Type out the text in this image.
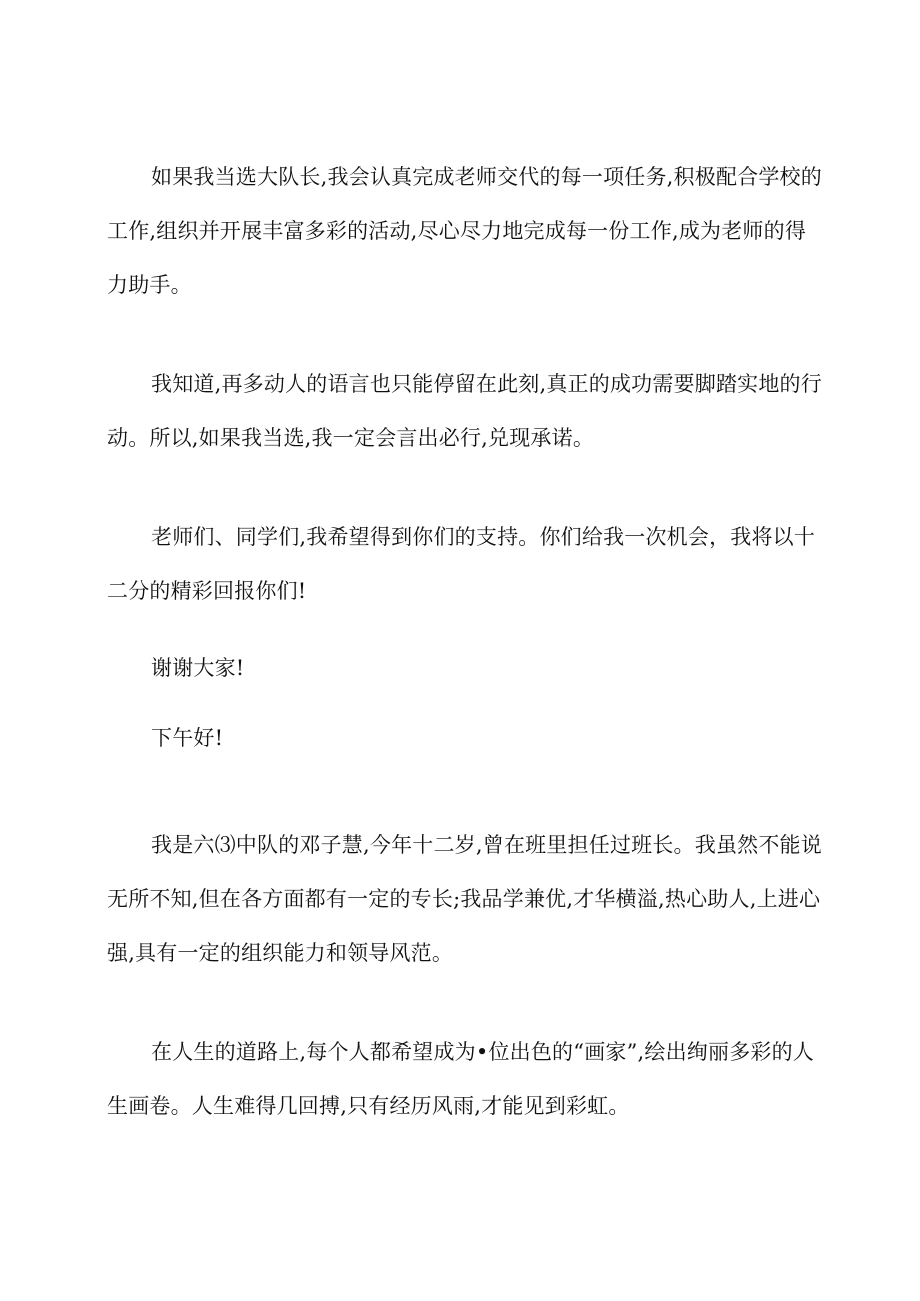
如果我当选大队长,我会认真完成老师交代的每一项任务,积极配合学校的工作,组织并开展丰富多彩的活动,尽心尽力地完成每一份工作,成为老师的得力助手。

我知道,再多动人的语言也只能停留在此刻,真正的成功需要脚踏实地的行动。所以,如果我当选,我一定会言出必行,兑现承诺。

老师们、同学们,我希望得到你们的支持。你们给我一次机会，我将以十二分的精彩回报你们!

谢谢大家!

下午好!

我是六⑶中队的邓子慧,今年十二岁,曾在班里担任过班长。我虽然不能说无所不知,但在各方面都有一定的专长;我品学兼优,才华横溢,热心助人,上进心强,具有一定的组织能力和领导风范。

在人生的道路上,每个人都希望成为•位出色的“画家”,绘出绚丽多彩的人生画卷。人生难得几回搏,只有经历风雨,才能见到彩虹。
